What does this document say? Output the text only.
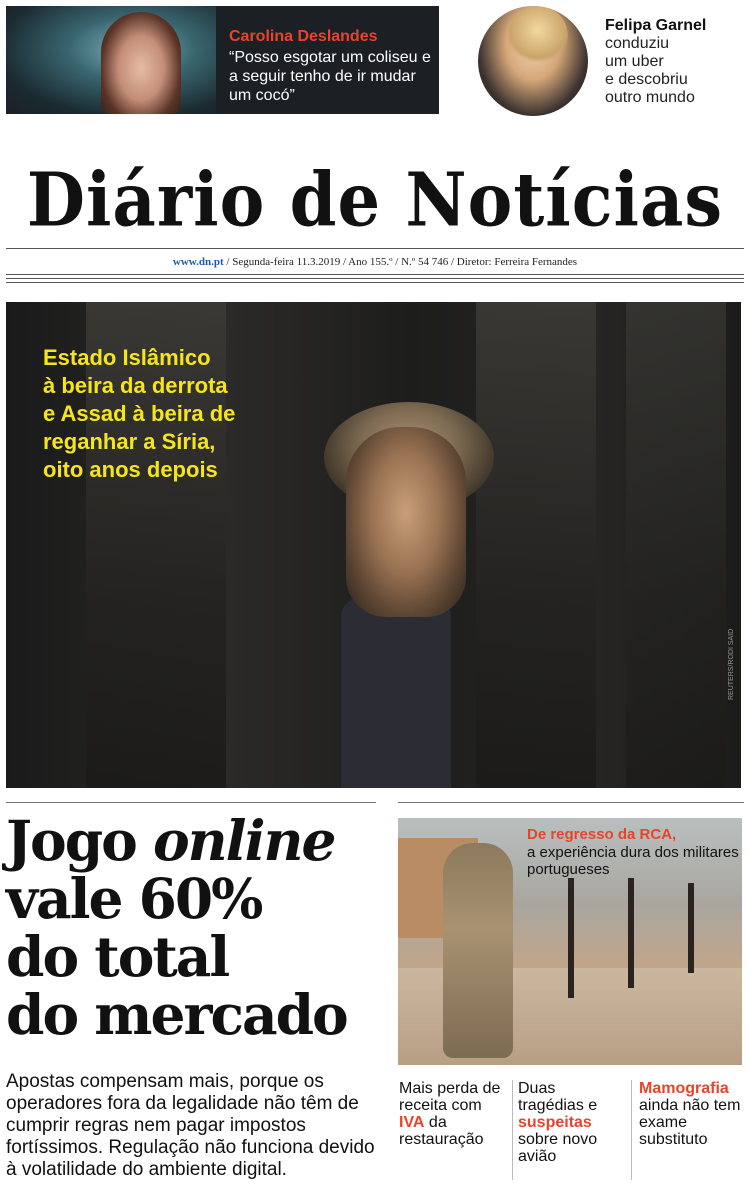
Carolina Deslandes
“Posso esgotar um coliseu e a seguir tenho de ir mudar um cocó”
Felipa Garnel
conduziu
um uber
e descobriu
outro mundo
Diário de Notícias
www.dn.pt / Segunda-feira 11.3.2019 / Ano 155.º / N.º 54 746 / Diretor: Ferreira Fernandes
Estado Islâmico
à beira da derrota
e Assad à beira de
reganhar a Síria,
oito anos depois
REUTERS/RODI SAID
Jogo online
vale 60%
do total
do mercado
Apostas compensam mais, porque os operadores fora da legalidade não têm de cumprir regras nem pagar impostos fortíssimos. Regulação não funciona devido à volatilidade do ambiente digital.
De regresso da RCA,
a experiência dura dos militares portugueses
Mais perda de receita com IVA da restauração
Duas tragédias e suspeitas sobre novo avião
Mamografia ainda não tem exame substituto
